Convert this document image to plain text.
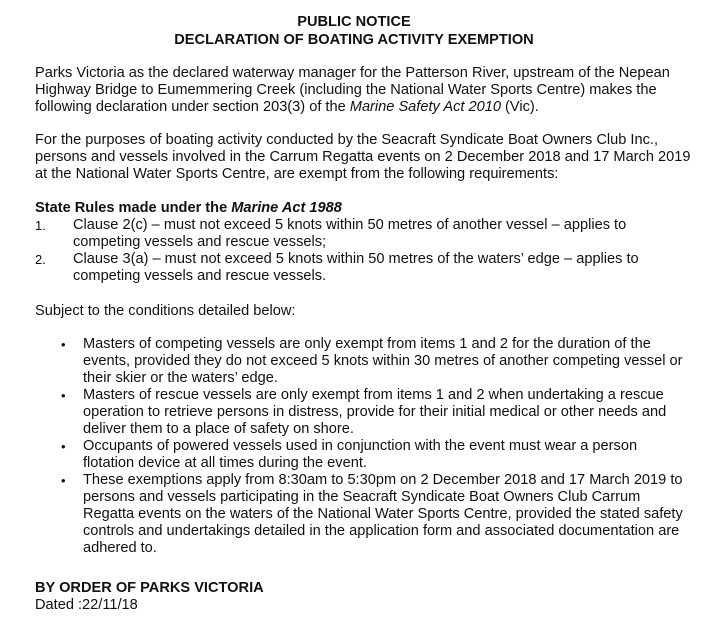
PUBLIC NOTICE
DECLARATION OF BOATING ACTIVITY EXEMPTION

Parks Victoria as the declared waterway manager for the Patterson River, upstream of the Nepean Highway Bridge to Eumemmering Creek (including the National Water Sports Centre) makes the following declaration under section 203(3) of the Marine Safety Act 2010 (Vic).

For the purposes of boating activity conducted by the Seacraft Syndicate Boat Owners Club Inc., persons and vessels involved in the Carrum Regatta events on 2 December 2018 and 17 March 2019 at the National Water Sports Centre, are exempt from the following requirements:

State Rules made under the Marine Act 1988
1. Clause 2(c) – must not exceed 5 knots within 50 metres of another vessel – applies to competing vessels and rescue vessels;
2. Clause 3(a) – must not exceed 5 knots within 50 metres of the waters’ edge – applies to competing vessels and rescue vessels.

Subject to the conditions detailed below:

• Masters of competing vessels are only exempt from items 1 and 2 for the duration of the events, provided they do not exceed 5 knots within 30 metres of another competing vessel or their skier or the waters’ edge.
• Masters of rescue vessels are only exempt from items 1 and 2 when undertaking a rescue operation to retrieve persons in distress, provide for their initial medical or other needs and deliver them to a place of safety on shore.
• Occupants of powered vessels used in conjunction with the event must wear a person flotation device at all times during the event.
• These exemptions apply from 8:30am to 5:30pm on 2 December 2018 and 17 March 2019 to persons and vessels participating in the Seacraft Syndicate Boat Owners Club Carrum Regatta events on the waters of the National Water Sports Centre, provided the stated safety controls and undertakings detailed in the application form and associated documentation are adhered to.
BY ORDER OF PARKS VICTORIA
Dated :22/11/18
